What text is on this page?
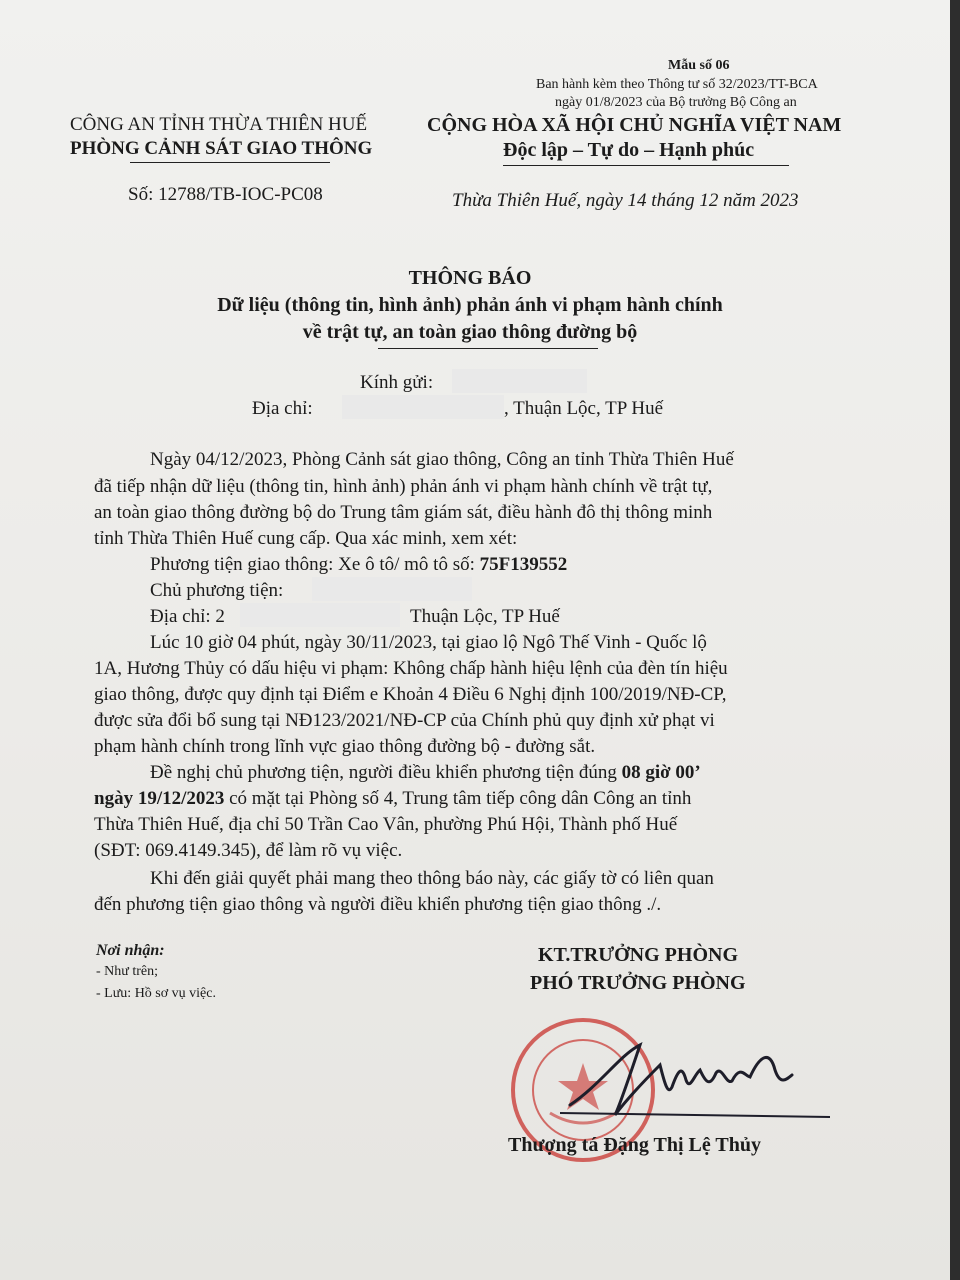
Mẫu số 06
Ban hành kèm theo Thông tư số 32/2023/TT-BCA
ngày 01/8/2023 của Bộ trưởng Bộ Công an
CÔNG AN TỈNH THỪA THIÊN HUẾ
PHÒNG CẢNH SÁT GIAO THÔNG
Số: 12788/TB-IOC-PC08
CỘNG HÒA XÃ HỘI CHỦ NGHĨA VIỆT NAM
Độc lập – Tự do – Hạnh phúc
Thừa Thiên Huế, ngày 14 tháng 12 năm 2023
THÔNG BÁO
Dữ liệu (thông tin, hình ảnh) phản ánh vi phạm hành chính
về trật tự, an toàn giao thông đường bộ
Kính gửi:
Địa chỉ:	, Thuận Lộc, TP Huế
Ngày 04/12/2023, Phòng Cảnh sát giao thông, Công an tỉnh Thừa Thiên Huế
đã tiếp nhận dữ liệu (thông tin, hình ảnh) phản ánh vi phạm hành chính về trật tự,
an toàn giao thông đường bộ do Trung tâm giám sát, điều hành đô thị thông minh
tỉnh Thừa Thiên Huế cung cấp. Qua xác minh, xem xét:
Phương tiện giao thông: Xe ô tô/ mô tô số: 75F139552
Chủ phương tiện:
Địa chỉ: 2	Thuận Lộc, TP Huế
Lúc 10 giờ 04 phút, ngày 30/11/2023, tại giao lộ Ngô Thế Vinh - Quốc lộ
1A, Hương Thủy có dấu hiệu vi phạm: Không chấp hành hiệu lệnh của đèn tín hiệu
giao thông, được quy định tại Điểm e Khoản 4 Điều 6 Nghị định 100/2019/NĐ-CP,
được sửa đổi bổ sung tại NĐ123/2021/NĐ-CP của Chính phủ quy định xử phạt vi
phạm hành chính trong lĩnh vực giao thông đường bộ - đường sắt.
Đề nghị chủ phương tiện, người điều khiển phương tiện đúng 08 giờ 00’
ngày 19/12/2023 có mặt tại Phòng số 4, Trung tâm tiếp công dân Công an tỉnh
Thừa Thiên Huế, địa chỉ 50 Trần Cao Vân, phường Phú Hội, Thành phố Huế
(SĐT: 069.4149.345), để làm rõ vụ việc.
Khi đến giải quyết phải mang theo thông báo này, các giấy tờ có liên quan
đến phương tiện giao thông và người điều khiển phương tiện giao thông ./.
Nơi nhận:
- Như trên;
- Lưu: Hồ sơ vụ việc.
KT.TRƯỞNG PHÒNG
PHÓ TRƯỞNG PHÒNG
Thượng tá Đặng Thị Lệ Thủy
